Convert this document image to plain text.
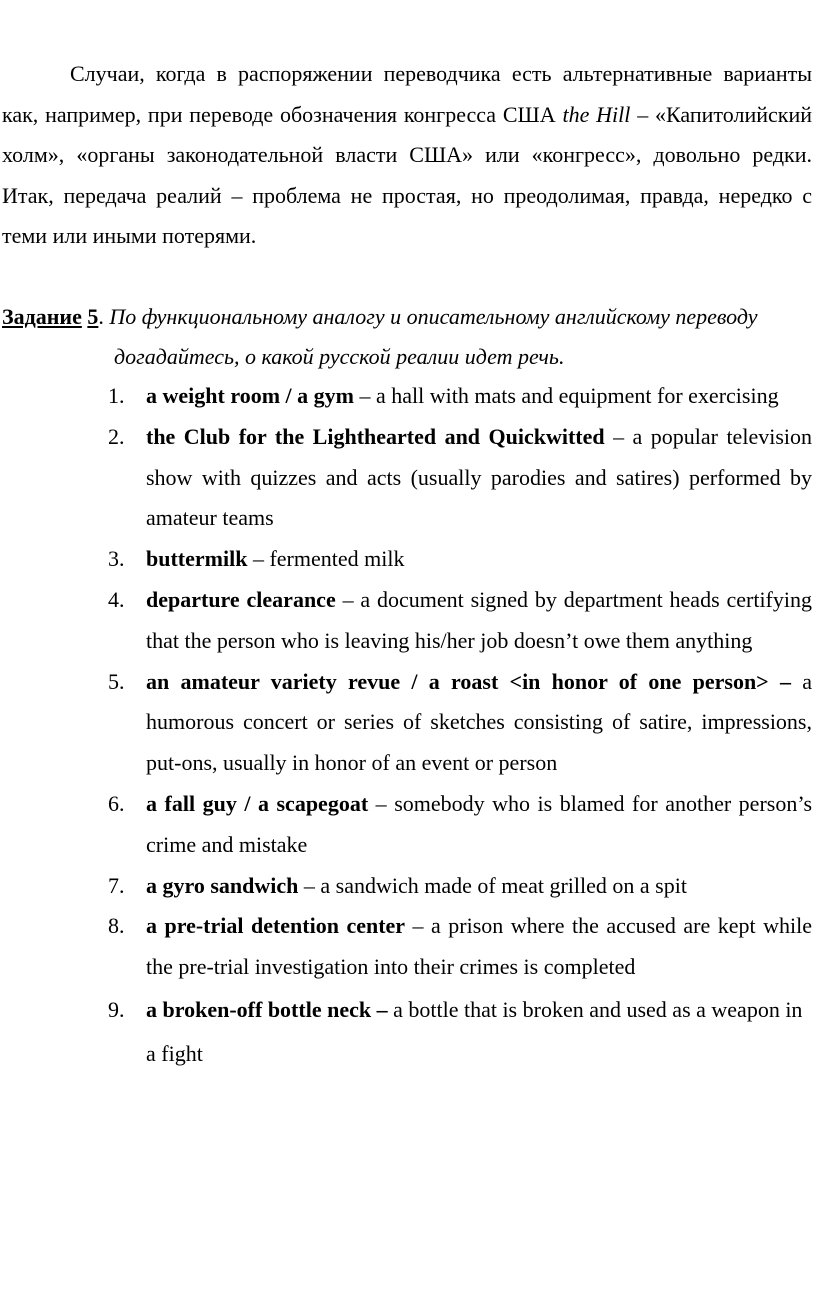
Случаи, когда в распоряжении переводчика есть альтернативные варианты как, например, при переводе обозначения конгресса США the Hill – «Капитолийский холм», «органы законодательной власти США» или «конгресс», довольно редки. Итак, передача реалий – проблема не простая, но преодолимая, правда, нередко с теми или иными потерями.

Задание 5. По функциональному аналогу и описательному английскому переводу
догадайтесь, о какой русской реалии идет речь.

1. a weight room / a gym – a hall with mats and equipment for exercising
2. the Club for the Lighthearted and Quickwitted – a popular television show with quizzes and acts (usually parodies and satires) performed by amateur teams
3. buttermilk – fermented milk
4. departure clearance – a document signed by department heads certifying that the person who is leaving his/her job doesn’t owe them anything
5. an amateur variety revue / a roast <in honor of one person> – a humorous concert or series of sketches consisting of satire, impressions, put-ons, usually in honor of an event or person
6. a fall guy / a scapegoat – somebody who is blamed for another person’s crime and mistake
7. a gyro sandwich – a sandwich made of meat grilled on a spit
8. a pre-trial detention center – a prison where the accused are kept while the pre-trial investigation into their crimes is completed
9. a broken-off bottle neck – a bottle that is broken and used as a weapon in a fight
